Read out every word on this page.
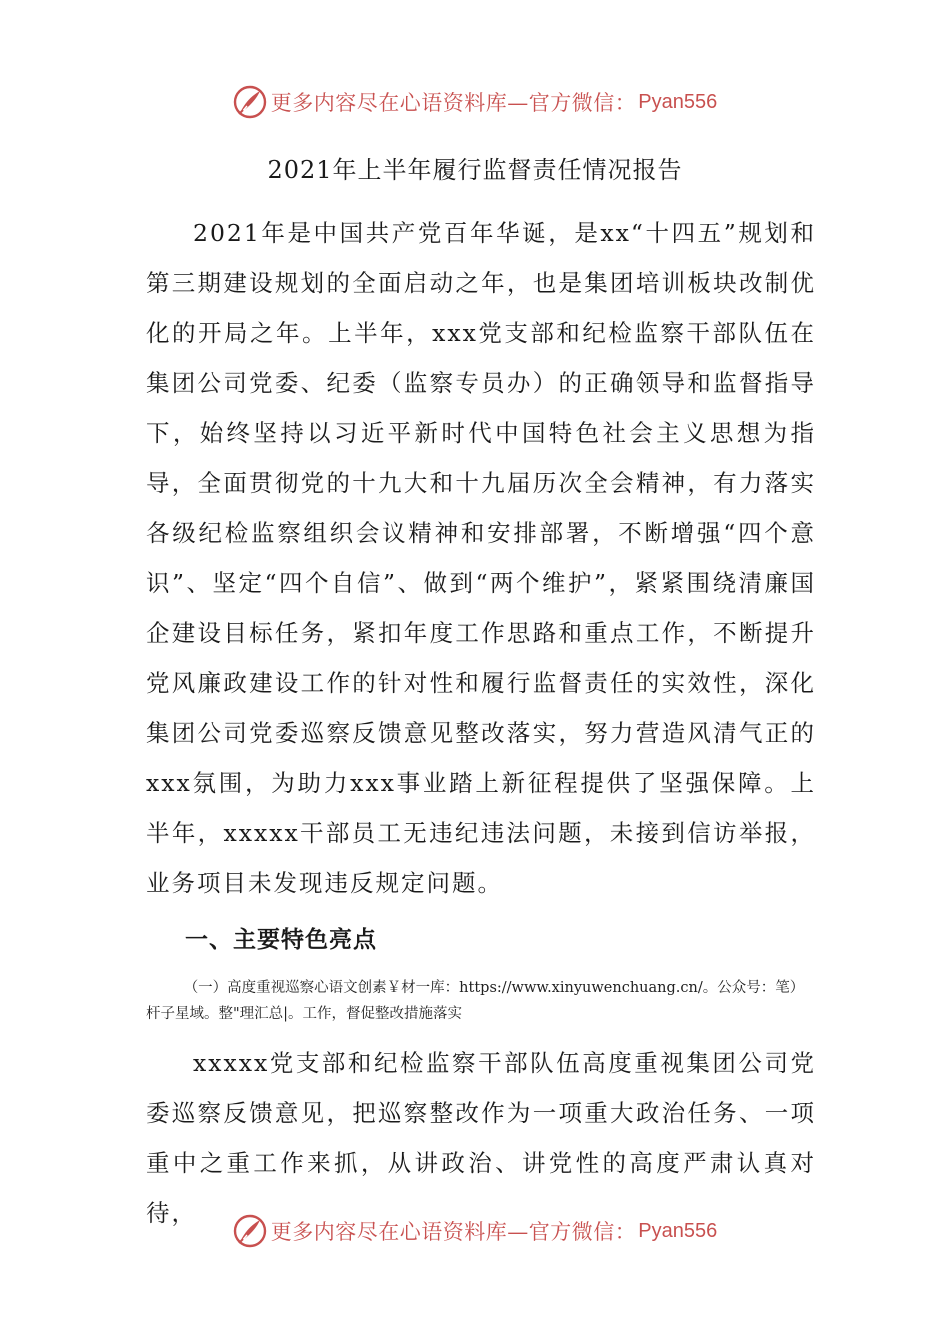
更多内容尽在心语资料库—官方微信： Pyan556
2021年上半年履行监督责任情况报告

2021年是中国共产党百年华诞，是xx“十四五”规划和第三期建设规划的全面启动之年，也是集团培训板块改制优化的开局之年。上半年，xxx党支部和纪检监察干部队伍在集团公司党委、纪委（监察专员办）的正确领导和监督指导下，始终坚持以习近平新时代中国特色社会主义思想为指导，全面贯彻党的十九大和十九届历次全会精神，有力落实各级纪检监察组织会议精神和安排部署，不断增强“四个意识”、坚定“四个自信”、做到“两个维护”，紧紧围绕清廉国企建设目标任务，紧扣年度工作思路和重点工作，不断提升党风廉政建设工作的针对性和履行监督责任的实效性，深化集团公司党委巡察反馈意见整改落实，努力营造风清气正的xxx氛围，为助力xxx事业踏上新征程提供了坚强保障。上半年，xxxxx干部员工无违纪违法问题，未接到信访举报，业务项目未发现违反规定问题。

一、主要特色亮点

（一）高度重视巡察心语文创素￥材一库：https://www.xinyuwenchuang.cn/。公众号：笔）杆子星域。整"理汇总|。工作，督促整改措施落实

xxxxx党支部和纪检监察干部队伍高度重视集团公司党委巡察反馈意见，把巡察整改作为一项重大政治任务、一项重中之重工作来抓，从讲政治、讲党性的高度严肃认真对待，

更多内容尽在心语资料库—官方微信： Pyan556
